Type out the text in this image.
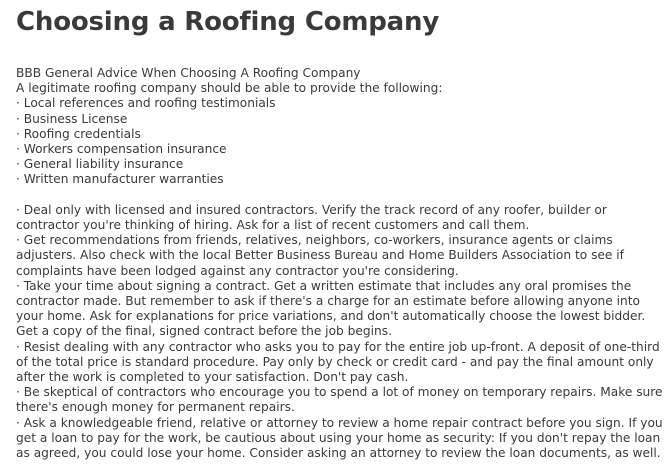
Choosing a Roofing Company

BBB General Advice When Choosing A Roofing Company

A legitimate roofing company should be able to provide the following:

· Local references and roofing testimonials
· Business License
· Roofing credentials
· Workers compensation insurance
· General liability insurance
· Written manufacturer warranties
· Deal only with licensed and insured contractors. Verify the track record of any roofer, builder or contractor you're thinking of hiring. Ask for a list of recent customers and call them.
· Get recommendations from friends, relatives, neighbors, co-workers, insurance agents or claims adjusters. Also check with the local Better Business Bureau and Home Builders Association to see if complaints have been lodged against any contractor you're considering.
· Take your time about signing a contract. Get a written estimate that includes any oral promises the contractor made. But remember to ask if there's a charge for an estimate before allowing anyone into your home. Ask for explanations for price variations, and don't automatically choose the lowest bidder. Get a copy of the final, signed contract before the job begins.
· Resist dealing with any contractor who asks you to pay for the entire job up-front. A deposit of one-third of the total price is standard procedure. Pay only by check or credit card - and pay the final amount only after the work is completed to your satisfaction. Don't pay cash.
· Be skeptical of contractors who encourage you to spend a lot of money on temporary repairs. Make sure there's enough money for permanent repairs.
· Ask a knowledgeable friend, relative or attorney to review a home repair contract before you sign. If you get a loan to pay for the work, be cautious about using your home as security: If you don't repay the loan as agreed, you could lose your home. Consider asking an attorney to review the loan documents, as well.
